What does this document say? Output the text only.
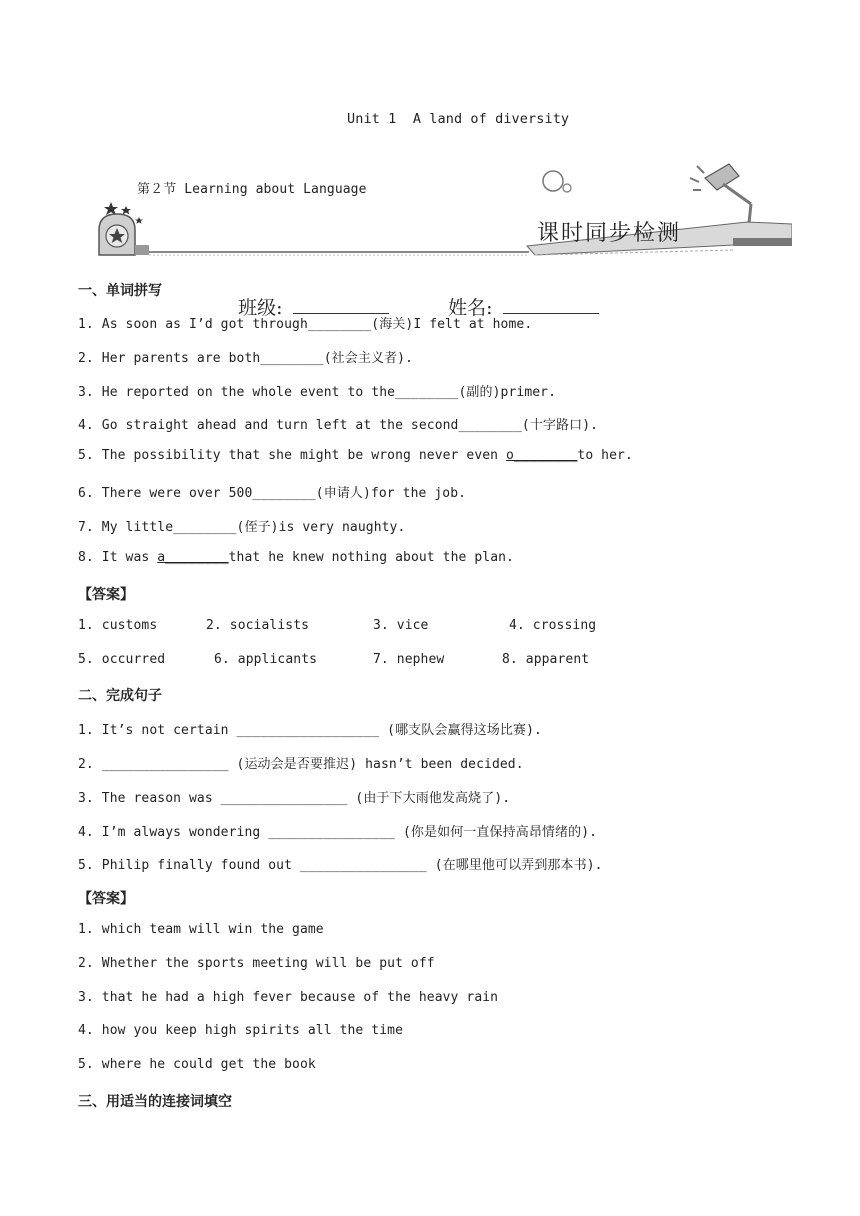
Unit 1  A land of diversity
第２节 Learning about Language
课时同步检测
一、单词拼写

班级:	姓名:

1. As soon as I’d got through________(海关)I felt at home.
2. Her parents are both________(社会主义者).
3. He reported on the whole event to the________(副的)primer.
4. Go straight ahead and turn left at the second________(十字路口).
5. The possibility that she might be wrong never even o________to her.
6. There were over 500________(申请人)for the job.
7. My little________(侄子)is very naughty.
8. It was a________that he knew nothing about the plan.
【答案】
1. customs	2. socialists	3. vice	4. crossing
5. occurred	6. applicants	7. nephew	8. apparent
二、完成句子
1. It’s not certain __________________ (哪支队会赢得这场比赛).
2. ________________ (运动会是否要推迟) hasn’t been decided.
3. The reason was ________________ (由于下大雨他发高烧了).
4. I’m always wondering ________________ (你是如何一直保持高昂情绪的).
5. Philip finally found out ________________ (在哪里他可以弄到那本书).
【答案】
1. which team will win the game
2. Whether the sports meeting will be put off
3. that he had a high fever because of the heavy rain
4. how you keep high spirits all the time
5. where he could get the book
三、用适当的连接词填空
